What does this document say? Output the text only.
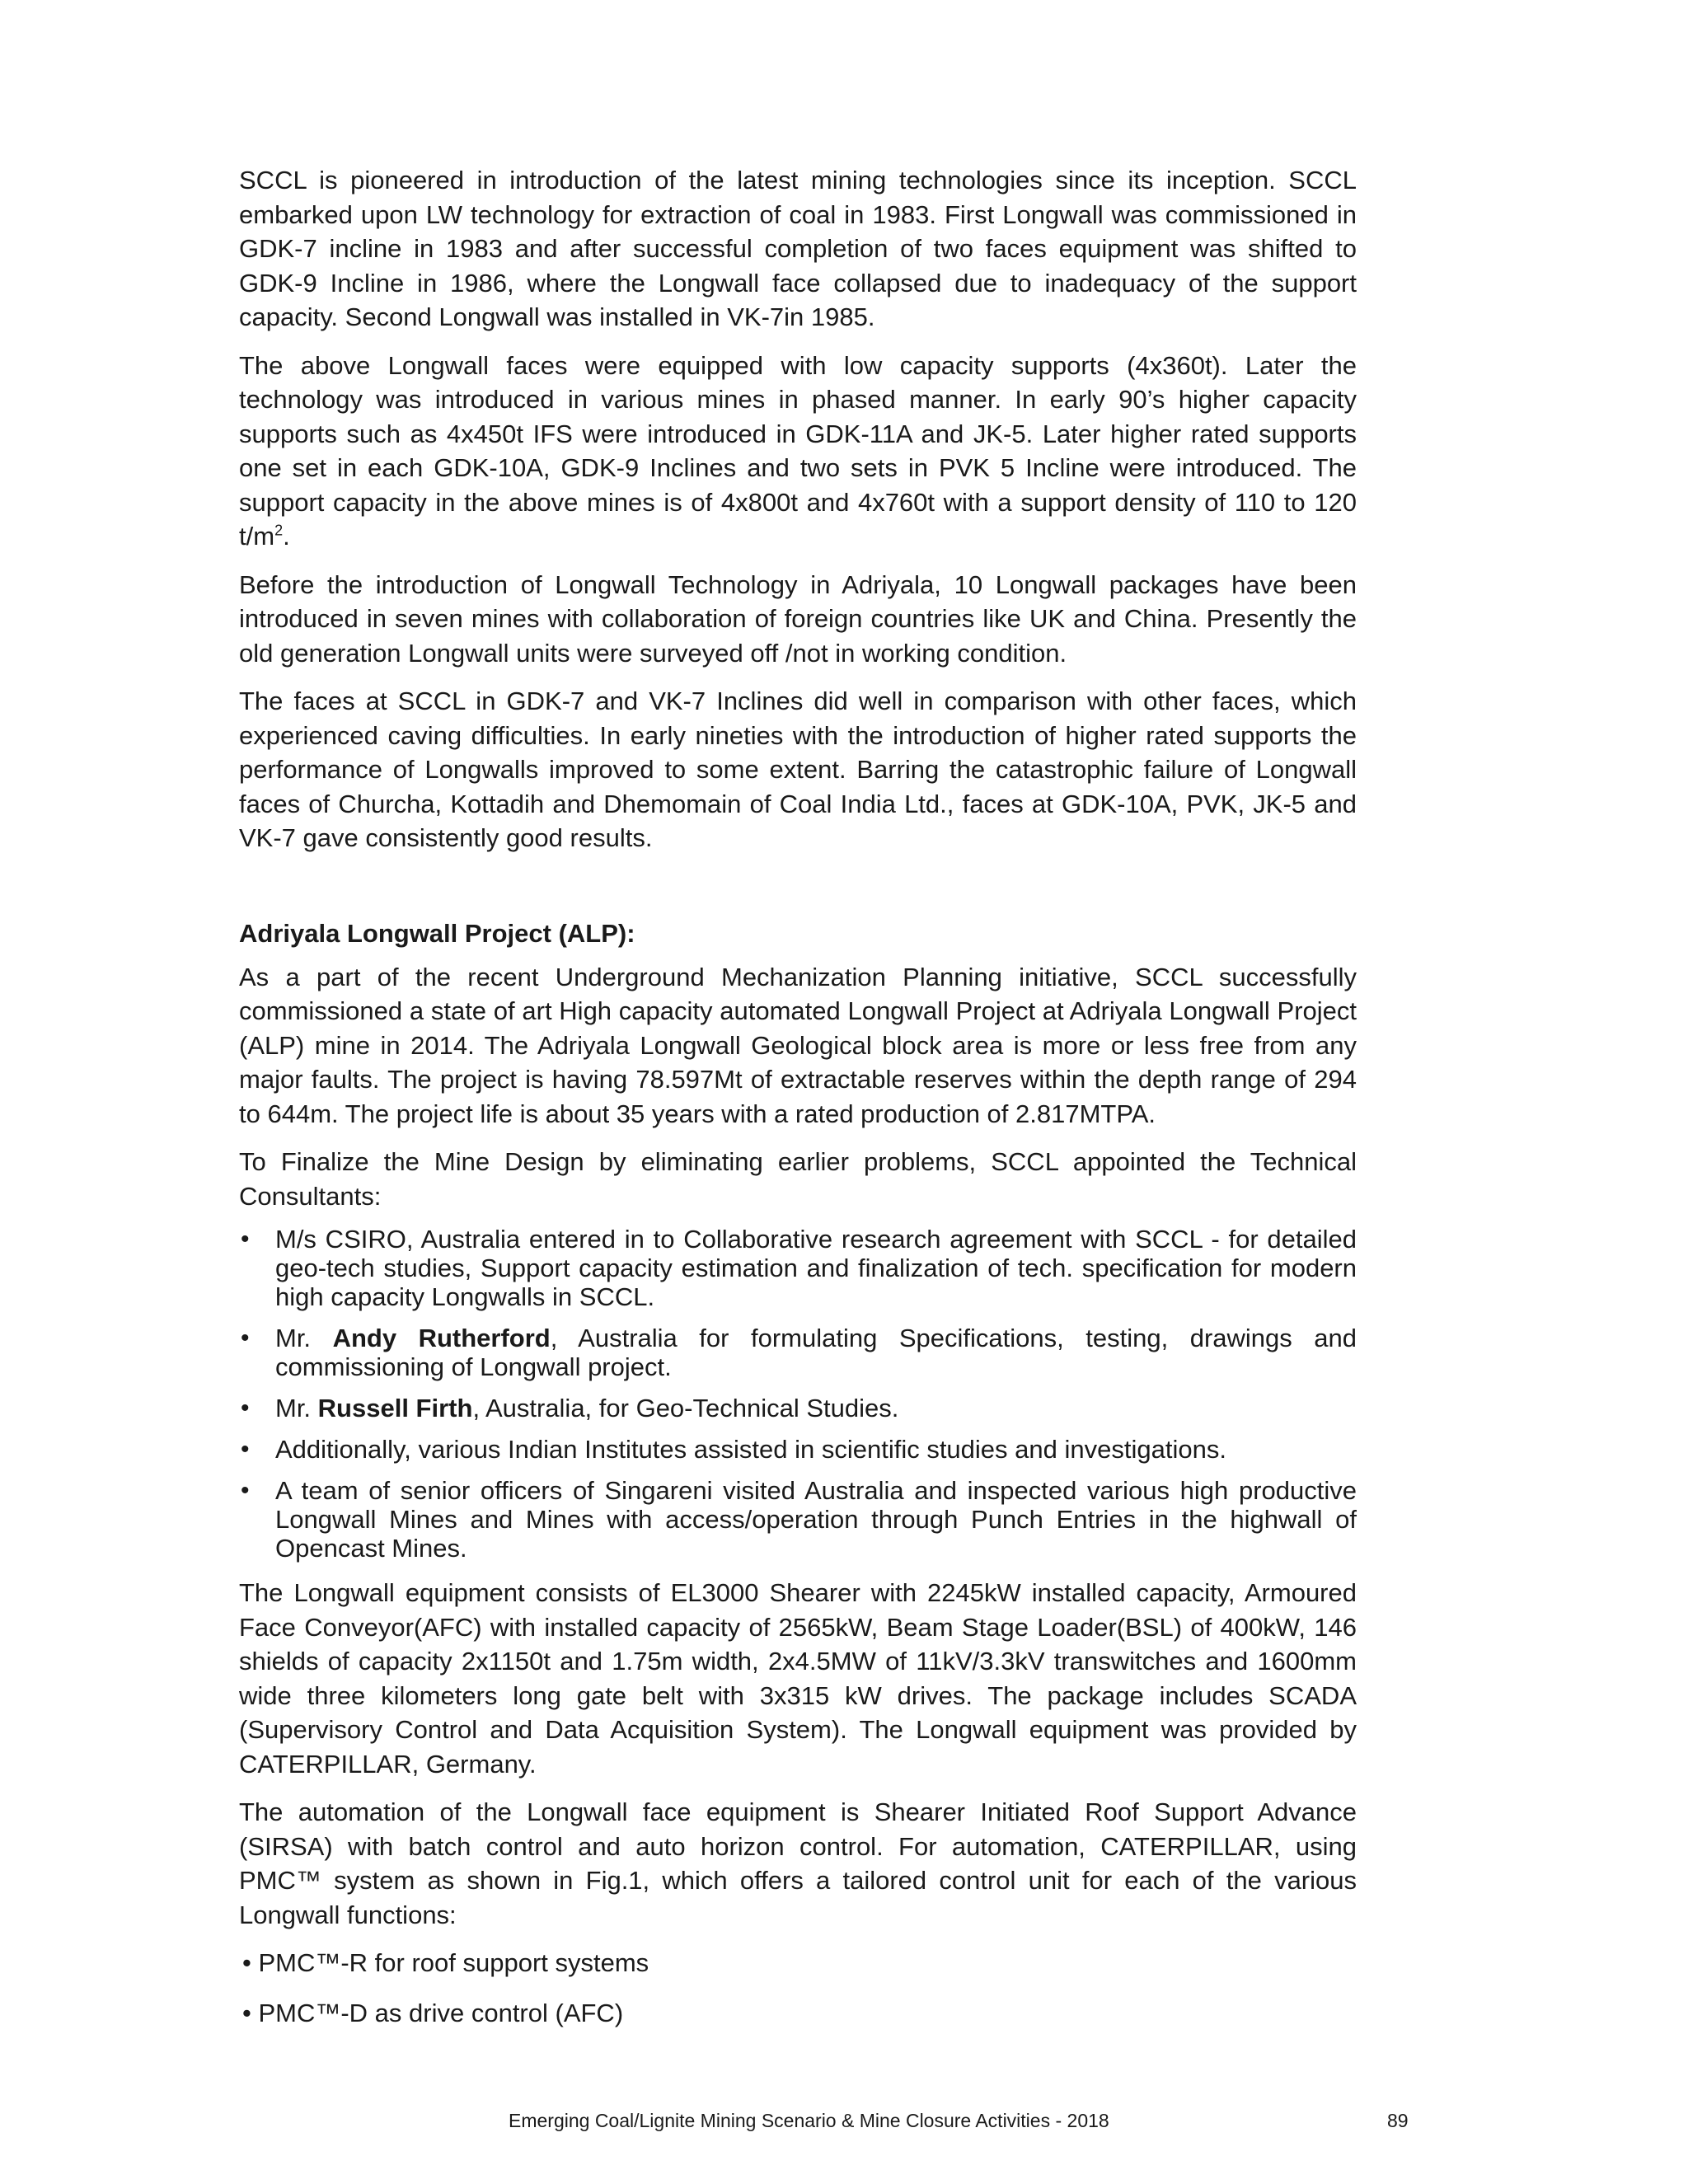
SCCL is pioneered in introduction of the latest mining technologies since its inception. SCCL embarked upon LW technology for extraction of coal in 1983. First Longwall was commissioned in GDK-7 incline in 1983 and after successful completion of two faces equipment was shifted to GDK-9 Incline in 1986, where the Longwall face collapsed due to inadequacy of the support capacity. Second Longwall was installed in VK-7in 1985.

The above Longwall faces were equipped with low capacity supports (4x360t). Later the technology was introduced in various mines in phased manner. In early 90’s higher capacity supports such as 4x450t IFS were introduced in GDK-11A and JK-5. Later higher rated supports one set in each GDK-10A, GDK-9 Inclines and two sets in PVK 5 Incline were introduced. The support capacity in the above mines is of 4x800t and 4x760t with a support density of 110 to 120 $t/m^2$.

Before the introduction of Longwall Technology in Adriyala, 10 Longwall packages have been introduced in seven mines with collaboration of foreign countries like UK and China. Presently the old generation Longwall units were surveyed off /not in working condition.

The faces at SCCL in GDK-7 and VK-7 Inclines did well in comparison with other faces, which experienced caving difficulties. In early nineties with the introduction of higher rated supports the performance of Longwalls improved to some extent. Barring the catastrophic failure of Longwall faces of Churcha, Kottadih and Dhemomain of Coal India Ltd., faces at GDK-10A, PVK, JK-5 and VK-7 gave consistently good results.

Adriyala Longwall Project (ALP):

As a part of the recent Underground Mechanization Planning initiative, SCCL successfully commissioned a state of art High capacity automated Longwall Project at Adriyala Longwall Project (ALP) mine in 2014. The Adriyala Longwall Geological block area is more or less free from any major faults. The project is having 78.597Mt of extractable reserves within the depth range of 294 to 644m. The project life is about 35 years with a rated production of 2.817MTPA.

To Finalize the Mine Design by eliminating earlier problems, SCCL appointed the Technical Consultants:

• M/s CSIRO, Australia entered in to Collaborative research agreement with SCCL - for detailed geo-tech studies, Support capacity estimation and finalization of tech. specification for modern high capacity Longwalls in SCCL.
• Mr. Andy Rutherford, Australia for formulating Specifications, testing, drawings and commissioning of Longwall project.
• Mr. Russell Firth, Australia, for Geo-Technical Studies.
• Additionally, various Indian Institutes assisted in scientific studies and investigations.
• A team of senior officers of Singareni visited Australia and inspected various high productive Longwall Mines and Mines with access/operation through Punch Entries in the highwall of Opencast Mines.

The Longwall equipment consists of EL3000 Shearer with 2245kW installed capacity, Armoured Face Conveyor(AFC) with installed capacity of 2565kW, Beam Stage Loader(BSL) of 400kW, 146 shields of capacity 2x1150t and 1.75m width, 2x4.5MW of 11kV/3.3kV transwitches and 1600mm wide three kilometers long gate belt with 3x315 kW drives. The package includes SCADA (Supervisory Control and Data Acquisition System). The Longwall equipment was provided by CATERPILLAR, Germany.

The automation of the Longwall face equipment is Shearer Initiated Roof Support Advance (SIRSA) with batch control and auto horizon control. For automation, CATERPILLAR, using PMC™ system as shown in Fig.1, which offers a tailored control unit for each of the various Longwall functions:

• PMC™-R for roof support systems
• PMC™-D as drive control (AFC)
Emerging Coal/Lignite Mining Scenario & Mine Closure Activities - 2018	89
